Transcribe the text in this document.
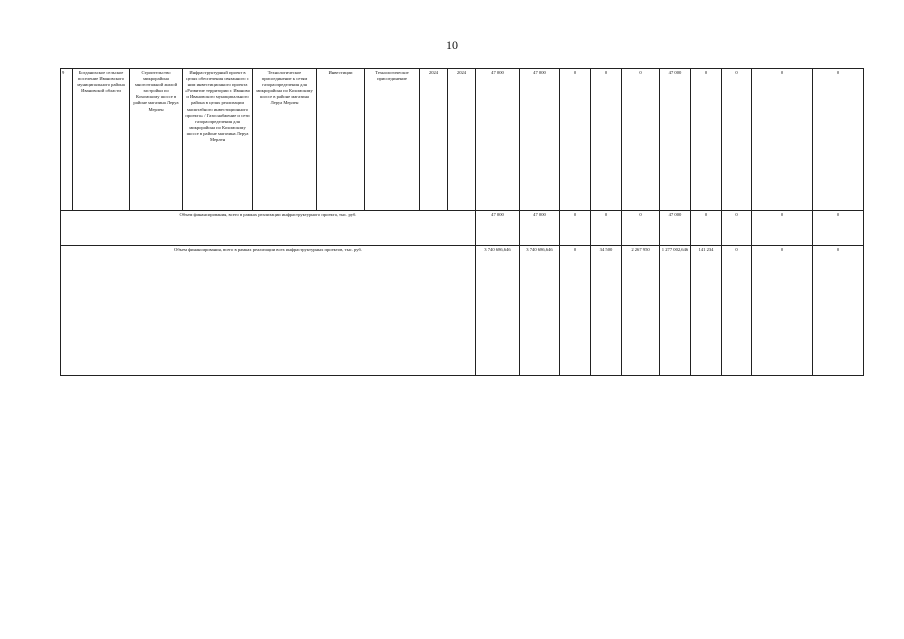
10
9	Богданихское сельское поселение Ивановского муниципального района Ивановской области	Строительство микрорайона многоэтажной жилой застройки по Кохомскому шоссе в районе магазина Леруа Мерлен	Инфраструктурный проект в целях обеспечения связанного с ним инвестиционного проекта «Развитие территории г. Иваново и Ивановского муниципального района в целях реализации масштабного инвестиционного проекта» / Газоснабжение и сети газораспределения для микрорайона по Кохомскому шоссе в районе магазина Леруа Мерлен	Технологическое присоединение к сетям газораспределения для микрорайона по Кохомскому шоссе в районе магазина Леруа Мерлен	Инвестиции	Технологическое присоединение	2024	2024	47 000	47 000	0	0	0	47 000	0	0	0	0
Объем финансирования, всего в рамках реализации инфраструктурного проекта, тыс. руб.									47 000	47 000	0	0	0	47 000	0	0	0	0
Объем финансирования, всего в рамках реализации всех инфраструктурных проектов, тыс. руб.									3 740 686,646	3 740 686,646	0	34 500	2 267 950	1 277 002,646	141 234	0	0	0
